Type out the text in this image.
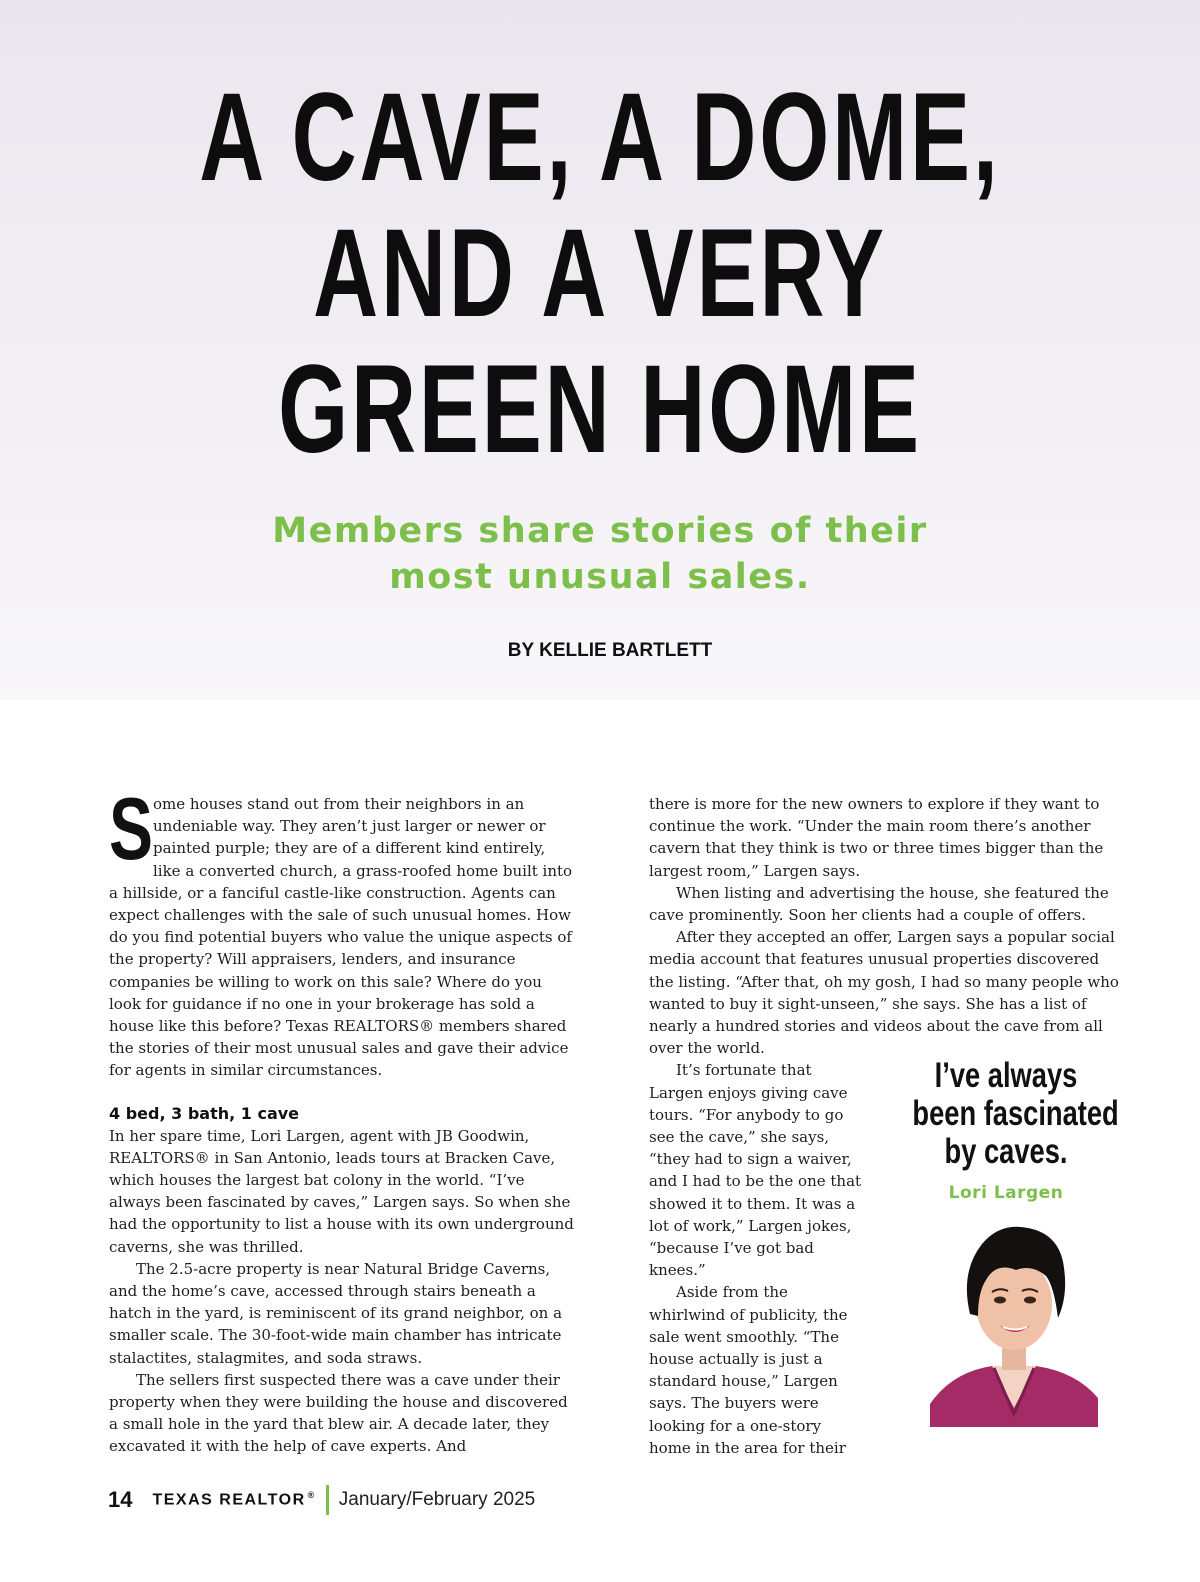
A CAVE, A DOME,
AND A VERY
GREEN HOME
Members share stories of their
most unusual sales.
BY KELLIE BARTLETT

Some houses stand out from their neighbors in an undeniable way. They aren’t just larger or newer or painted purple; they are of a different kind entirely, like a converted church, a grass-roofed home built into a hillside, or a fanciful castle-like construction. Agents can expect challenges with the sale of such unusual homes. How do you find potential buyers who value the unique aspects of the property? Will appraisers, lenders, and insurance companies be willing to work on this sale? Where do you look for guidance if no one in your brokerage has sold a house like this before? Texas REALTORS® members shared the stories of their most unusual sales and gave their advice for agents in similar circumstances.

4 bed, 3 bath, 1 cave

In her spare time, Lori Largen, agent with JB Goodwin, REALTORS® in San Antonio, leads tours at Bracken Cave, which houses the largest bat colony in the world. “I’ve always been fascinated by caves,” Largen says. So when she had the opportunity to list a house with its own underground caverns, she was thrilled.

The 2.5-acre property is near Natural Bridge Caverns, and the home’s cave, accessed through stairs beneath a hatch in the yard, is reminiscent of its grand neighbor, on a smaller scale. The 30-foot-wide main chamber has intricate stalactites, stalagmites, and soda straws.

The sellers first suspected there was a cave under their property when they were building the house and discovered a small hole in the yard that blew air. A decade later, they excavated it with the help of cave experts. And

there is more for the new owners to explore if they want to continue the work. “Under the main room there’s another cavern that they think is two or three times bigger than the largest room,” Largen says.

When listing and advertising the house, she featured the cave prominently. Soon her clients had a couple of offers.

After they accepted an offer, Largen says a popular social media account that features unusual properties discovered the listing. “After that, oh my gosh, I had so many people who wanted to buy it sight-unseen,” she says. She has a list of nearly a hundred stories and videos about the cave from all over the world.

It’s fortunate that Largen enjoys giving cave tours. “For anybody to go see the cave,” she says, “they had to sign a waiver, and I had to be the one that showed it to them. It was a lot of work,” Largen jokes, “because I’ve got bad knees.”

Aside from the whirlwind of publicity, the sale went smoothly. “The house actually is just a standard house,” Largen says. The buyers were looking for a one-story home in the area for their

I’ve always
been fascinated
by caves.
Lori Largen
14 TEXAS REALTOR ® January/February 2025
